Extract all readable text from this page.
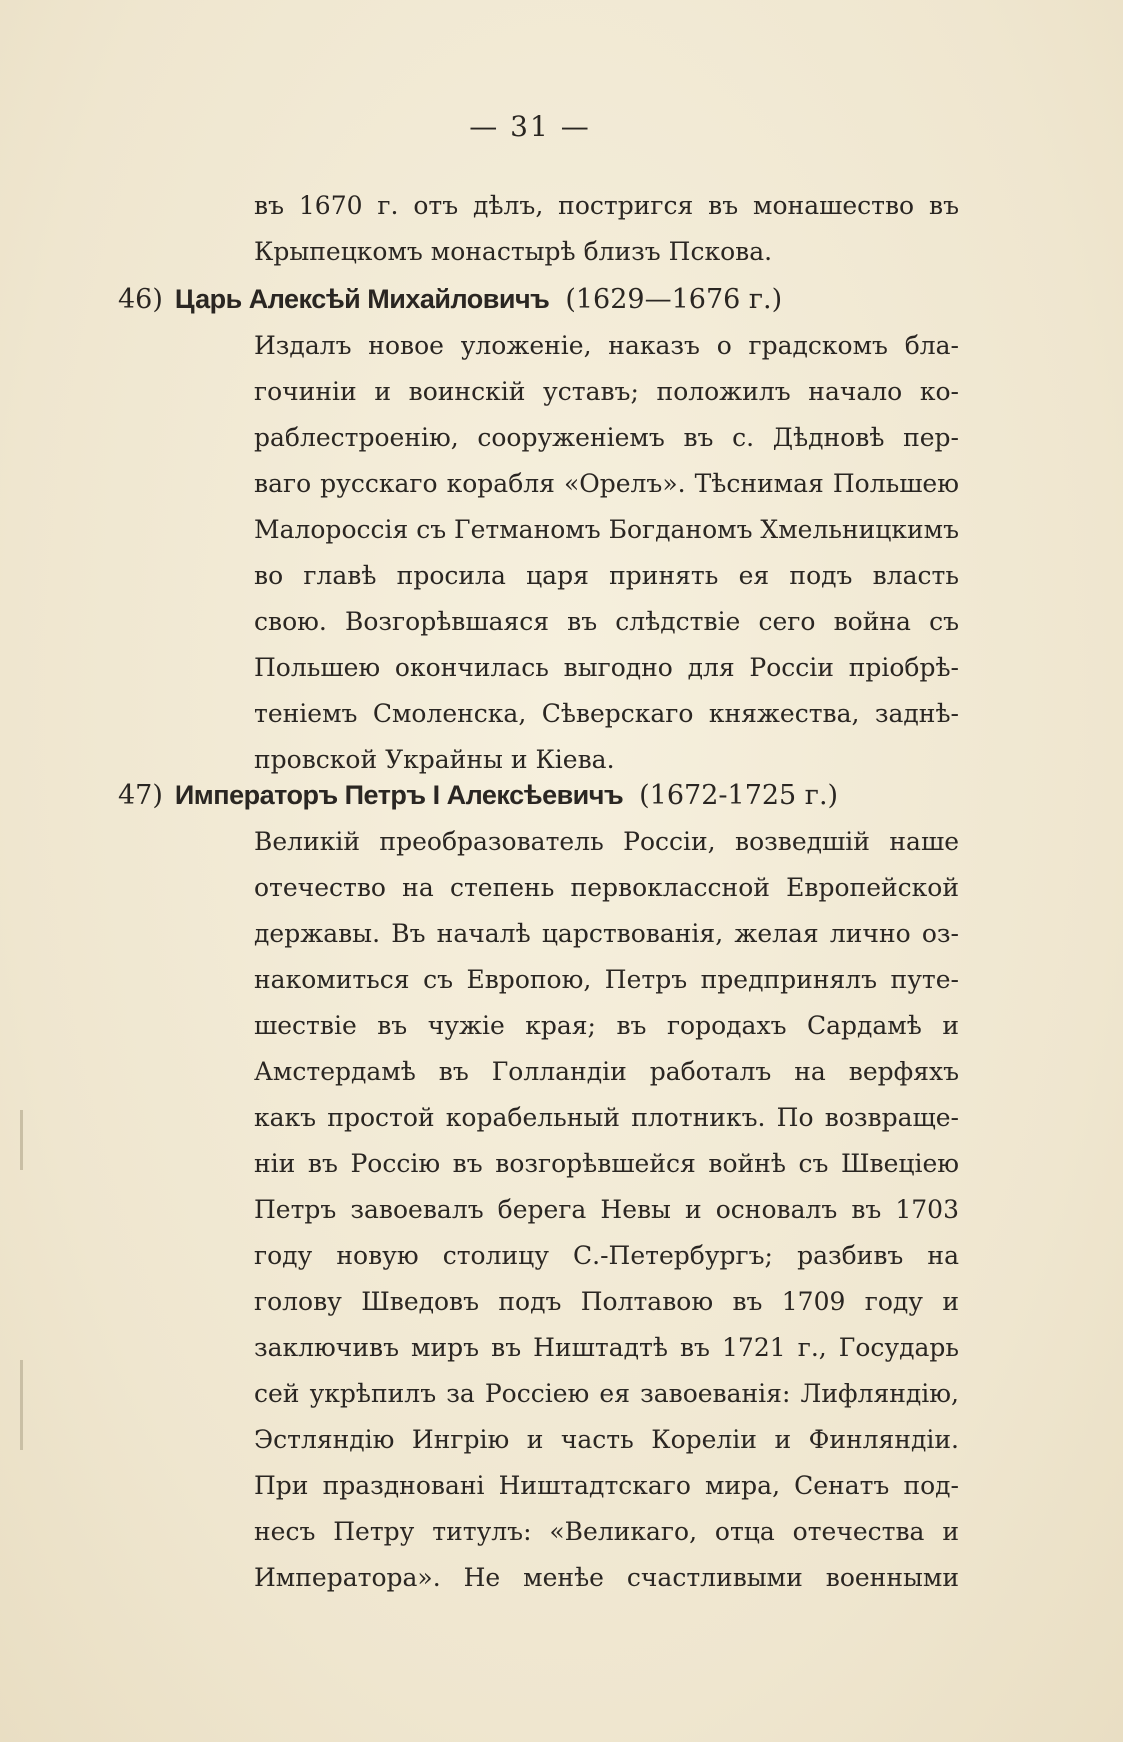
— 31 —
въ 1670 г. отъ дѣлъ, постригся въ монашество въ
Крыпецкомъ монастырѣ близъ Пскова.
46) Царь Алексѣй Михайловичъ (1629—1676 г.)
Издалъ новое уложеніе, наказъ о градскомъ бла-
гочиніи и воинскій уставъ; положилъ начало ко-
раблестроенію, сооруженіемъ въ с. Дѣдновѣ пер-
ваго русскаго корабля «Орелъ». Тѣснимая Польшею
Малороссія съ Гетманомъ Богданомъ Хмельницкимъ
во главѣ просила царя принять ея подъ власть
свою. Возгорѣвшаяся въ слѣдствіе сего война съ
Польшею окончилась выгодно для Россіи пріобрѣ-
теніемъ Смоленска, Сѣверскаго княжества, заднѣ-
провской Украйны и Кіева.
47) Императоръ Петръ I Алексѣевичъ (1672-1725 г.)
Великій преобразователь Россіи, возведшій наше
отечество на степень первоклассной Европейской
державы. Въ началѣ царствованія, желая лично оз-
накомиться съ Европою, Петръ предпринялъ путе-
шествіе въ чужіе края; въ городахъ Сардамѣ и
Амстердамѣ въ Голландіи работалъ на верфяхъ
какъ простой корабельный плотникъ. По возвраще-
ніи въ Россію въ возгорѣвшейся войнѣ съ Швеціею
Петръ завоевалъ берега Невы и основалъ въ 1703
году новую столицу С.-Петербургъ; разбивъ на
голову Шведовъ подъ Полтавою въ 1709 году и
заключивъ миръ въ Ништадтѣ въ 1721 г., Государь
сей укрѣпилъ за Россіею ея завоеванія: Лифляндію,
Эстляндію Ингрію и часть Кореліи и Финляндіи.
При праздновані Ништадтскаго мира, Сенатъ под-
несъ Петру титулъ: «Великаго, отца отечества и
Императора». Не менѣе счастливыми военными
